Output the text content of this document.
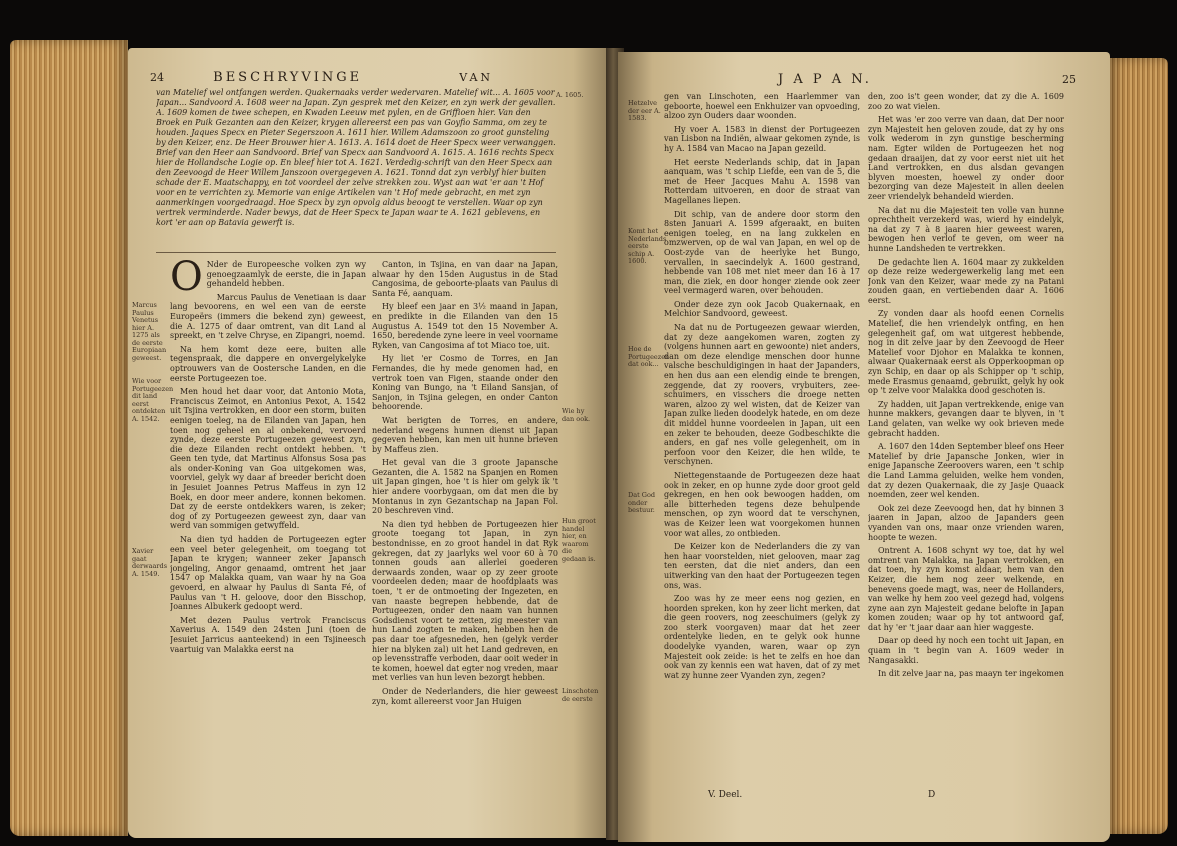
24	BESCHRYVINGE	VAN
van Matelief wel ontfangen werden. Quakernaaks verder wedervaren. Matelief wit... A. 1605 voor Japan... Sandvoord A. 1608 weer na Japan. Zyn gesprek met den Keizer, en zyn werk der gevallen. A. 1609 komen de twee schepen, en Kwaden Leeuw met pylen, en de Griffioen hier. Van den Broek en Puik Gezanten aan den Keizer, krygen allereerst een pas van Goyfio Samma, om zey te houden. Jaques Specx en Pieter Segerszoon A. 1611 hier. Willem Adamszoon zo groot gunsteling by den Keizer, enz. De Heer Brouwer hier A. 1613. A. 1614 doet de Heer Specx weer verwanggen. Brief van den Heer aan Sandvoord. Brief van Specx aan Sandvoord A. 1615. A. 1616 rechts Specx hier de Hollandsche Logie op. En bleef hier tot A. 1621. Verdedig-schrift van den Heer Specx aan den Zeevoogd de Heer Willem Janszoon overgegeven A. 1621. Tonnd dat zyn verblyf hier buiten schade der E. Maatschappy, en tot voordeel der zelve strekken zou. Wyst aan wat 'er aan 't Hof voor en te verrichten zy. Memorie van enige Artikelen van 't Hof mede gebracht, en met zyn aanmerkingen voorgedraagd. Hoe Specx by zyn opvolg aldus beoogt te verstellen. Waar op zyn vertrek verminderde. Nader bewys, dat de Heer Specx te Japan waar te A. 1621 geblevens, en kort 'er aan op Batavia gewerft is.
A. 1605.
O Nder de Europeesche volken zyn wy genoegzaamlyk de eerste, die in Japan gehandeld hebben.

Marcus Paulus de Venetiaan is daar lang bevoorens, en wel een van de eerste Europeërs (immers die bekend zyn) geweest, die A. 1275 of daar omtrent, van dit Land al spreekt, en 't zelve Chryse, en Zipangri, noemd.

Na hem komt deze eere, buiten alle tegenspraak, die dappere en onvergelykelyke optrouwers van de Oostersche Landen, en die eerste Portugeezen toe.

Men houd het daar voor, dat Antonio Mota, Franciscus Zeimot, en Antonius Pexot, A. 1542 uit Tsjina vertrokken, en door een storm, buiten eenigen toeleg, na de Eilanden van Japan, hen toen nog geheel en al onbekend, vervoerd zynde, deze eerste Portugeezen geweest zyn, die deze Eilanden recht ontdekt hebben. 't Geen ten tyde, dat Martinus Alfonsus Sosa pas als onder-Koning van Goa uitgekomen was, voorviel, gelyk wy daar af breeder bericht doen in Jesuiet Joannes Petrus Maffeus in zyn 12 Boek, en door meer andere, konnen bekomen. Dat zy de eerste ontdekkers waren, is zeker; dog of zy Portugeezen geweest zyn, daar van werd van sommigen getwyffeld.

Na dien tyd hadden de Portugeezen egter een veel beter gelegenheit, om toegang tot Japan te krygen; wanneer zeker Japansch jongeling, Angor genaamd, omtrent het jaar 1547 op Malakka quam, van waar hy na Goa gevoerd, en alwaar hy Paulus di Santa Fé, of Paulus van 't H. geloove, door den Bisschop, Joannes Albukerk gedoopt werd.

Met dezen Paulus vertrok Franciscus Xaverius A. 1549 den 24sten Juni (toen de Jesuiet Jarricus aanteekend) in een Tsjineesch vaartuig van Malakka eerst na

Canton, in Tsjina, en van daar na Japan, alwaar hy den 15den Augustus in de Stad Cangosima, de geboorte-plaats van Paulus di Santa Fé, aanquam.

Hy bleef een jaar en 3½ maand in Japan, en predikte in die Eilanden van den 15 Augustus A. 1549 tot den 15 November A. 1650, beredende zyne leere in veel voorname Ryken, van Cangosima af tot Miaco toe, uit.

Hy liet 'er Cosmo de Torres, en Jan Fernandes, die hy mede genomen had, en vertrok toen van Figen, staande onder den Koning van Bungo, na 't Eiland Sansjan, of Sanjon, in Tsjina gelegen, en onder Canton behoorende.

Wat berigten de Torres, en andere, nederland wegens hunnen dienst uit Japan gegeven hebben, kan men uit hunne brieven by Maffeus zien.

Het geval van die 3 groote Japansche Gezanten, die A. 1582 na Spanjen en Romen uit Japan gingen, hoe 't is hier om gelyk ik 't hier andere voorbygaan, om dat men die by Montanus in zyn Gezantschap na Japan Fol. 20 beschreven vind.

Na dien tyd hebben de Portugeezen hier groote toegang tot Japan, in zyn bestondnisse, en zo groot handel in dat Ryk gekregen, dat zy jaarlyks wel voor 60 à 70 tonnen gouds aan allerlei goederen derwaards zonden, waar op zy zeer groote voordeelen deden; maar de hoofdplaats was toen, 't er de ontmoeting der Ingezeten, en van naaste begrepen hebbende, dat de Portugeezen, onder den naam van hunnen Godsdienst voort te zetten, zig meester van hun Land zogten te maken, hebben hen de pas daar toe afgesneden, hen (gelyk verder hier na blyken zal) uit het Land gedreven, en op levensstraffe verboden, daar ooit weder in te komen, hoewel dat egter nog vreden, maar met verlies van hun leven bezorgt hebben.

Onder de Nederlanders, die hier geweest zyn, komt allereerst voor Jan Huigen

Marcus Paulus Venetus hier A. 1275 als de eerste Europiaan geweest.
Wie voor Portugeezen dit land eerst ontdekten A. 1542.
Xavier gaat derwaards A. 1549.
Hun groot handel hier, en waarom die gedaan is.
Wie hy dan ook.
Linschoten de eerste
J A P A N.	25

gen van Linschoten, een Haarlemmer van geboorte, hoewel een Enkhuizer van opvoeding, alzoo zyn Ouders daar woonden.

Hy voer A. 1583 in dienst der Portugeezen van Lisbon na Indiën, alwaar gekomen zynde, is hy A. 1584 van Macao na Japan gezeild.

Het eerste Nederlands schip, dat in Japan aanquam, was 't schip Liefde, een van de 5, die met de Heer Jacques Mahu A. 1598 van Rotterdam uitvoeren, en door de straat van Magellanes liepen.

Dit schip, van de andere door storm den 8sten Januari A. 1599 afgeraakt, en buiten eenigen toeleg, en na lang zukkelen en omzwerven, op de wal van Japan, en wel op de Oost-zyde van de heerlyke het Bungo, vervallen, in saecindelyk A. 1600 gestrand, hebbende van 108 met niet meer dan 16 à 17 man, die ziek, en door honger ziende ook zeer veel vermagerd waren, over behouden.

Onder deze zyn ook Jacob Quakernaak, en Melchior Sandvoord, geweest.

Na dat nu de Portugeezen gewaar wierden, dat zy deze aangekomen waren, zogten zy (volgens hunnen aart en gewoonte) niet anders, dan om deze elendige menschen door hunne valsche beschuldigingen in haat der Japanders, en hen dus aan een elendig einde te brengen, zeggende, dat zy roovers, vrybuiters, zee-schuimers, en visschers die droege netten waren, alzoo zy wel wisten, dat de Keizer van Japan zulke lieden doodelyk hatede, en om deze dit middel hunne voordeelen in Japan, uit een en zeker te behouden, deeze Godbeschikte die anders, en gaf nes volle gelegenheit, om in perfoon voor den Keizer, die hen wilde, te verschynen.

Niettegenstaande de Portugeezen deze haat ook in zeker, en op hunne zyde door groot geld gekregen, en hen ook bewoogen hadden, om alle bitterheden tegens deze behulpende menschen, op zyn woord dat te verschynen, was de Keizer leen wat voorgekomen hunnen voor wat alles, zo ontbieden.

De Keizer kon de Nederlanders die zy van hen haar voorstelden, niet gelooven, maar zag ten eersten, dat die niet anders, dan een uitwerking van den haat der Portugeezen tegen ons, was.

Zoo was hy ze meer eens nog gezien, en hoorden spreken, kon hy zeer licht merken, dat die geen roovers, nog zeeschuimers (gelyk zy zoo sterk voorgaven) maar dat het zeer ordentelyke lieden, en te gelyk ook hunne doodelyke vyanden, waren, waar op zyn Majesteit ook zeide: is het te zelfs en hoe dan ook van zy kennis een wat haven, dat of zy met wat zy hunne zeer Vyanden zyn, zegen?

den, zoo is't geen wonder, dat zy die A. 1609 zoo zo wat vielen.

Het was 'er zoo verre van daan, dat Der noor zyn Majesteit hen geloven zoude, dat zy hy ons volk wederom in zyn gunstige bescherming nam. Egter wilden de Portugeezen het nog gedaan draaijen, dat zy voor eerst niet uit het Land vertrokken, en dus alsdan gevangen blyven moesten, hoewel zy onder door bezorging van deze Majesteit in allen deelen zeer vriendelyk behandeld wierden.

Na dat nu die Majesteit ten volle van hunne oprechtheit verzekerd was, wierd hy eindelyk, na dat zy 7 à 8 jaaren hier geweest waren, bewogen hen verlof te geven, om weer na hunne Landsheden te vertrekken.

De gedachte lien A. 1604 maar zy zukkelden op deze reize wedergewerkelig lang met een Jonk van den Keizer, waar mede zy na Patani zouden gaan, en vertiebenden daar A. 1606 eerst.

Zy vonden daar als hoofd eenen Cornelis Matelief, die hen vriendelyk ontfing, en hen gelegenheit gaf, om wat uitgerest hebbende, nog in dit zelve jaar by den Zeevoogd de Heer Matelief voor Djohor en Malakka te konnen, alwaar Quakernaak eerst als Opperkoopman op zyn Schip, en daar op als Schipper op 't schip, mede Erasmus genaamd, gebruikt, gelyk hy ook op 't zelve voor Malakka dood geschoten is.

Zy hadden, uit Japan vertrekkende, enige van hunne makkers, gevangen daar te blyven, in 't Land gelaten, van welke wy ook brieven mede gebracht hadden.

A. 1607 den 14den September bleef ons Heer Matelief by drie Japansche Jonken, wier in enige Japansche Zeeroovers waren, een 't schip die Land Lamma geluiden, welke hem vonden, dat zy dezen Quakernaak, die zy Jasje Quaack noemden, zeer wel kenden.

Ook zei deze Zeevoogd hen, dat hy binnen 3 jaaren in Japan, alzoo de Japanders geen vyanden van ons, maar onze vrienden waren, hoopte te wezen.

Ontrent A. 1608 schynt wy toe, dat hy wel omtrent van Malakka, na Japan vertrokken, en dat toen, hy zyn komst aldaar, hem van den Keizer, die hem nog zeer welkende, en benevens goede magt, was, neer de Hollanders, van welke hy hem zoo veel gezegd had, volgens zyne aan zyn Majesteit gedane belofte in Japan komen zouden; waar op hy tot antwoord gaf, dat hy 'er 't jaar daar aan hier waggeste.

Daar op deed hy noch een tocht uit Japan, en quam in 't begin van A. 1609 weder in Nangasakki.

In dit zelve jaar na, pas maayn ter ingekomen

Hetzelve der eer A. 1583.
Komt het Nederlands eerste schip A. 1600.
Hoe de Portugeezen dat ook...
Dat God onder bestuur.
V. Deel.	D
